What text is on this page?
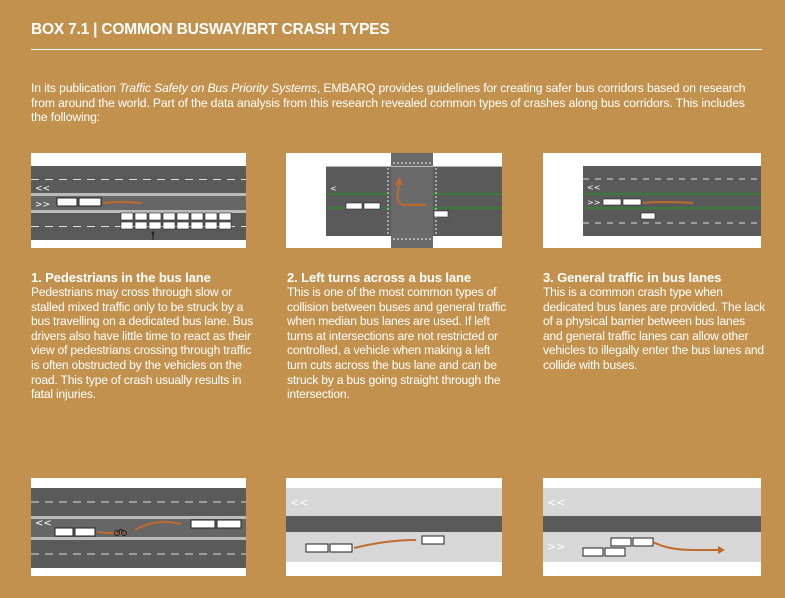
BOX 7.1 | COMMON BUSWAY/BRT CRASH TYPES
In its publication Traffic Safety on Bus Priority Systems, EMBARQ provides guidelines for creating safer bus corridors based on research from around the world. Part of the data analysis from this research revealed common types of crashes along bus corridors. This includes the following:
<<
>>
<	<<
>>
1. Pedestrians in the bus lane
Pedestrians may cross through slow or stalled mixed traffic only to be struck by a bus travelling on a dedicated bus lane. Bus drivers also have little time to react as their view of pedestrians crossing through traffic is often obstructed by the vehicles on the road. This type of crash usually results in fatal injuries.
2. Left turns across a bus lane
This is one of the most common types of collision between buses and general traffic when median bus lanes are used. If left turns at intersections are not restricted or controlled, a vehicle when making a left turn cuts across the bus lane and can be struck by a bus going straight through the intersection.
3. General traffic in bus lanes
This is a common crash type when dedicated bus lanes are provided. The lack of a physical barrier between bus lanes and general traffic lanes can allow other vehicles to illegally enter the bus lanes and collide with buses.
<<
<<	<<
>>
